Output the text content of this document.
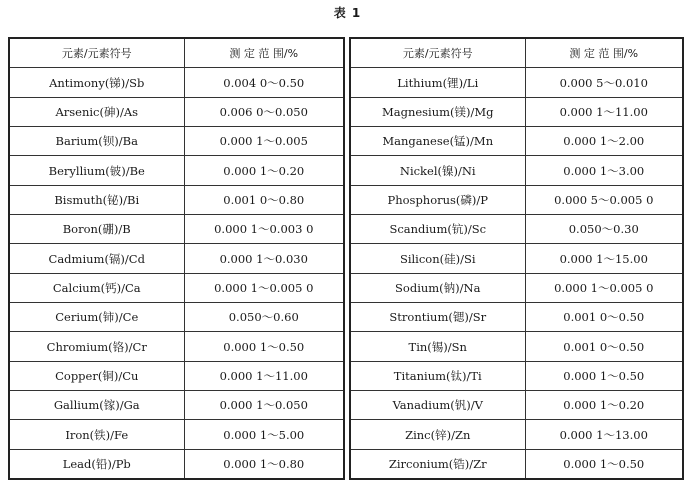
表 1
元素/元素符号	测 定 范 围/%
Antimony(锑)/Sb	0.004 0～0.50
Arsenic(砷)/As	0.006 0～0.050
Barium(钡)/Ba	0.000 1～0.005
Beryllium(铍)/Be	0.000 1～0.20
Bismuth(铋)/Bi	0.001 0～0.80
Boron(硼)/B	0.000 1～0.003 0
Cadmium(镉)/Cd	0.000 1～0.030
Calcium(钙)/Ca	0.000 1～0.005 0
Cerium(铈)/Ce	0.050～0.60
Chromium(铬)/Cr	0.000 1～0.50
Copper(铜)/Cu	0.000 1～11.00
Gallium(镓)/Ga	0.000 1～0.050
Iron(铁)/Fe	0.000 1～5.00
Lead(铅)/Pb	0.000 1～0.80
元素/元素符号	测 定 范 围/%
Lithium(锂)/Li	0.000 5～0.010
Magnesium(镁)/Mg	0.000 1～11.00
Manganese(锰)/Mn	0.000 1～2.00
Nickel(镍)/Ni	0.000 1～3.00
Phosphorus(磷)/P	0.000 5～0.005 0
Scandium(钪)/Sc	0.050～0.30
Silicon(硅)/Si	0.000 1～15.00
Sodium(钠)/Na	0.000 1～0.005 0
Strontium(锶)/Sr	0.001 0～0.50
Tin(锡)/Sn	0.001 0～0.50
Titanium(钛)/Ti	0.000 1～0.50
Vanadium(钒)/V	0.000 1～0.20
Zinc(锌)/Zn	0.000 1～13.00
Zirconium(锆)/Zr	0.000 1～0.50
